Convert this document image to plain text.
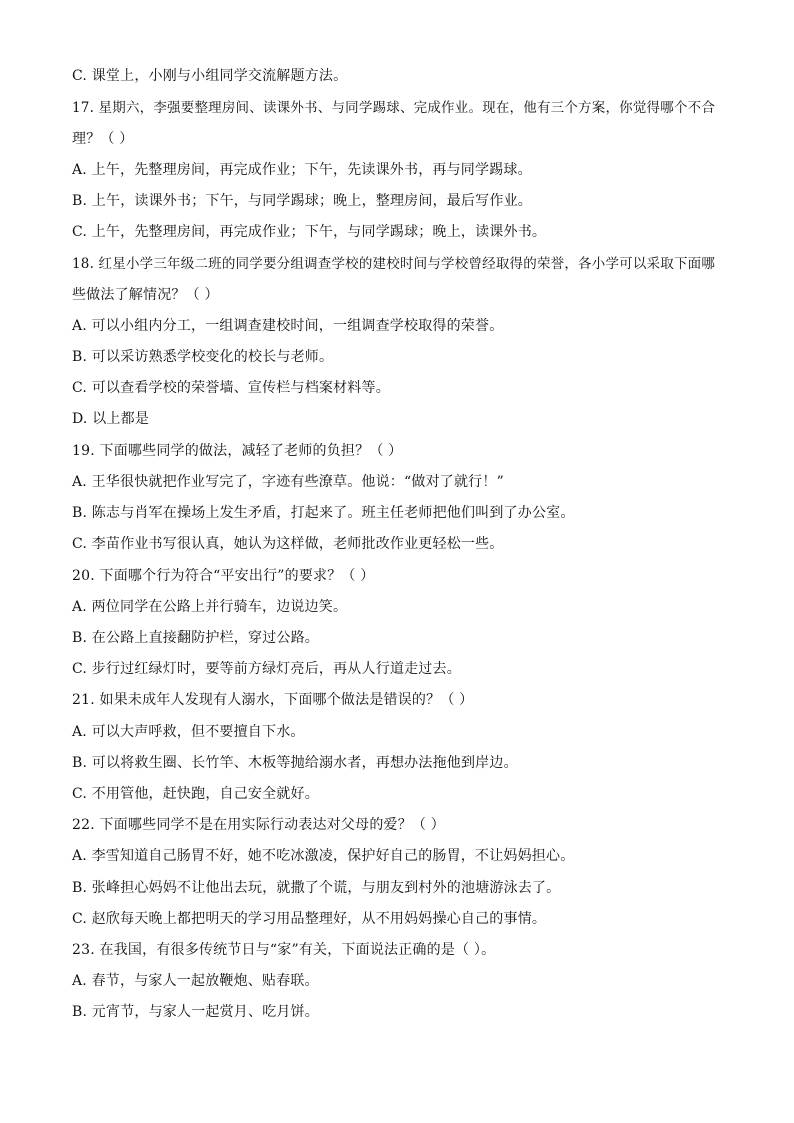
C. 课堂上，小刚与小组同学交流解题方法。
17. 星期六，李强要整理房间、读课外书、与同学踢球、完成作业。现在，他有三个方案，你觉得哪个不合
理？（ ）
A. 上午，先整理房间，再完成作业；下午，先读课外书，再与同学踢球。
B. 上午，读课外书；下午，与同学踢球；晚上，整理房间，最后写作业。
C. 上午，先整理房间，再完成作业；下午，与同学踢球；晚上，读课外书。
18. 红星小学三年级二班的同学要分组调查学校的建校时间与学校曾经取得的荣誉，各小学可以采取下面哪
些做法了解情况？（ ）
A. 可以小组内分工，一组调查建校时间，一组调查学校取得的荣誉。
B. 可以采访熟悉学校变化的校长与老师。
C. 可以查看学校的荣誉墙、宣传栏与档案材料等。
D. 以上都是
19. 下面哪些同学的做法，减轻了老师的负担？（ ）
A. 王华很快就把作业写完了，字迹有些潦草。他说：“做对了就行！”
B. 陈志与肖军在操场上发生矛盾，打起来了。班主任老师把他们叫到了办公室。
C. 李苗作业书写很认真，她认为这样做，老师批改作业更轻松一些。
20. 下面哪个行为符合“平安出行”的要求？（ ）
A. 两位同学在公路上并行骑车，边说边笑。
B. 在公路上直接翻防护栏，穿过公路。
C. 步行过红绿灯时，要等前方绿灯亮后，再从人行道走过去。
21. 如果未成年人发现有人溺水，下面哪个做法是错误的？（ ）
A. 可以大声呼救，但不要擅自下水。
B. 可以将救生圈、长竹竿、木板等抛给溺水者，再想办法拖他到岸边。
C. 不用管他，赶快跑，自己安全就好。
22. 下面哪些同学不是在用实际行动表达对父母的爱？（ ）
A. 李雪知道自己肠胃不好，她不吃冰激凌，保护好自己的肠胃，不让妈妈担心。
B. 张峰担心妈妈不让他出去玩，就撒了个谎，与朋友到村外的池塘游泳去了。
C. 赵欣每天晚上都把明天的学习用品整理好，从不用妈妈操心自己的事情。
23. 在我国，有很多传统节日与“家”有关，下面说法正确的是（ ）。
A. 春节，与家人一起放鞭炮、贴春联。
B. 元宵节，与家人一起赏月、吃月饼。
